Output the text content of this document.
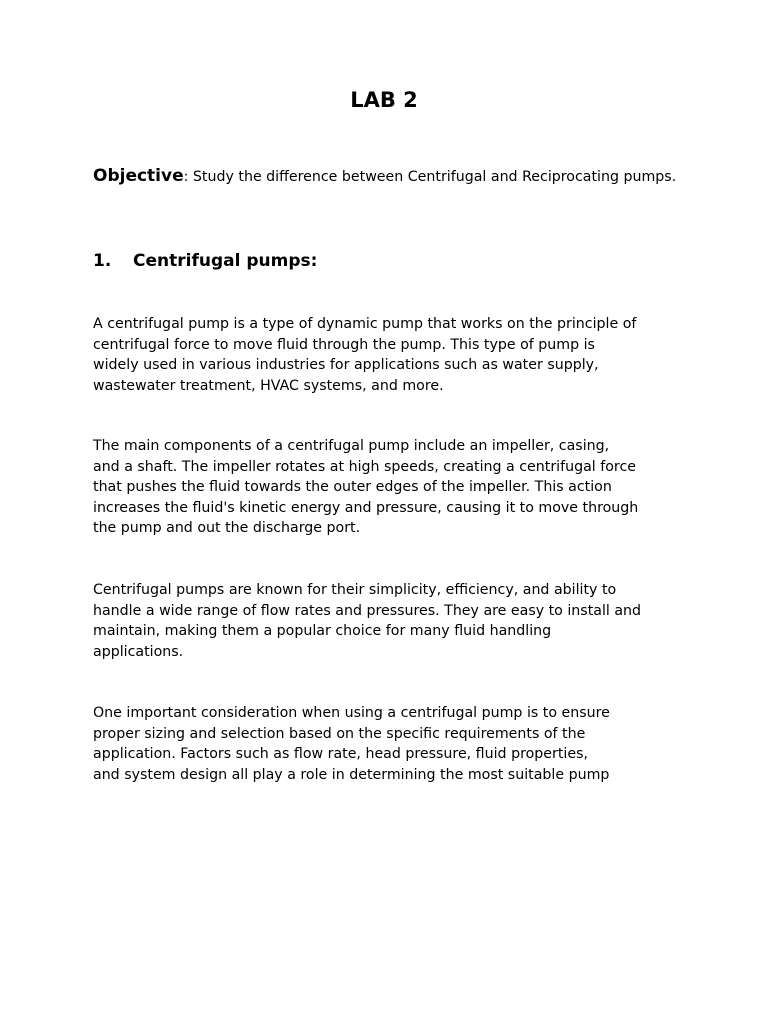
LAB 2
Objective: Study the difference between Centrifugal and Reciprocating pumps.
1. Centrifugal pumps:
A centrifugal pump is a type of dynamic pump that works on the principle of
centrifugal force to move fluid through the pump. This type of pump is
widely used in various industries for applications such as water supply,
wastewater treatment, HVAC systems, and more.
The main components of a centrifugal pump include an impeller, casing,
and a shaft. The impeller rotates at high speeds, creating a centrifugal force
that pushes the fluid towards the outer edges of the impeller. This action
increases the fluid's kinetic energy and pressure, causing it to move through
the pump and out the discharge port.
Centrifugal pumps are known for their simplicity, efficiency, and ability to
handle a wide range of flow rates and pressures. They are easy to install and
maintain, making them a popular choice for many fluid handling
applications.
One important consideration when using a centrifugal pump is to ensure
proper sizing and selection based on the specific requirements of the
application. Factors such as flow rate, head pressure, fluid properties,
and system design all play a role in determining the most suitable pump
